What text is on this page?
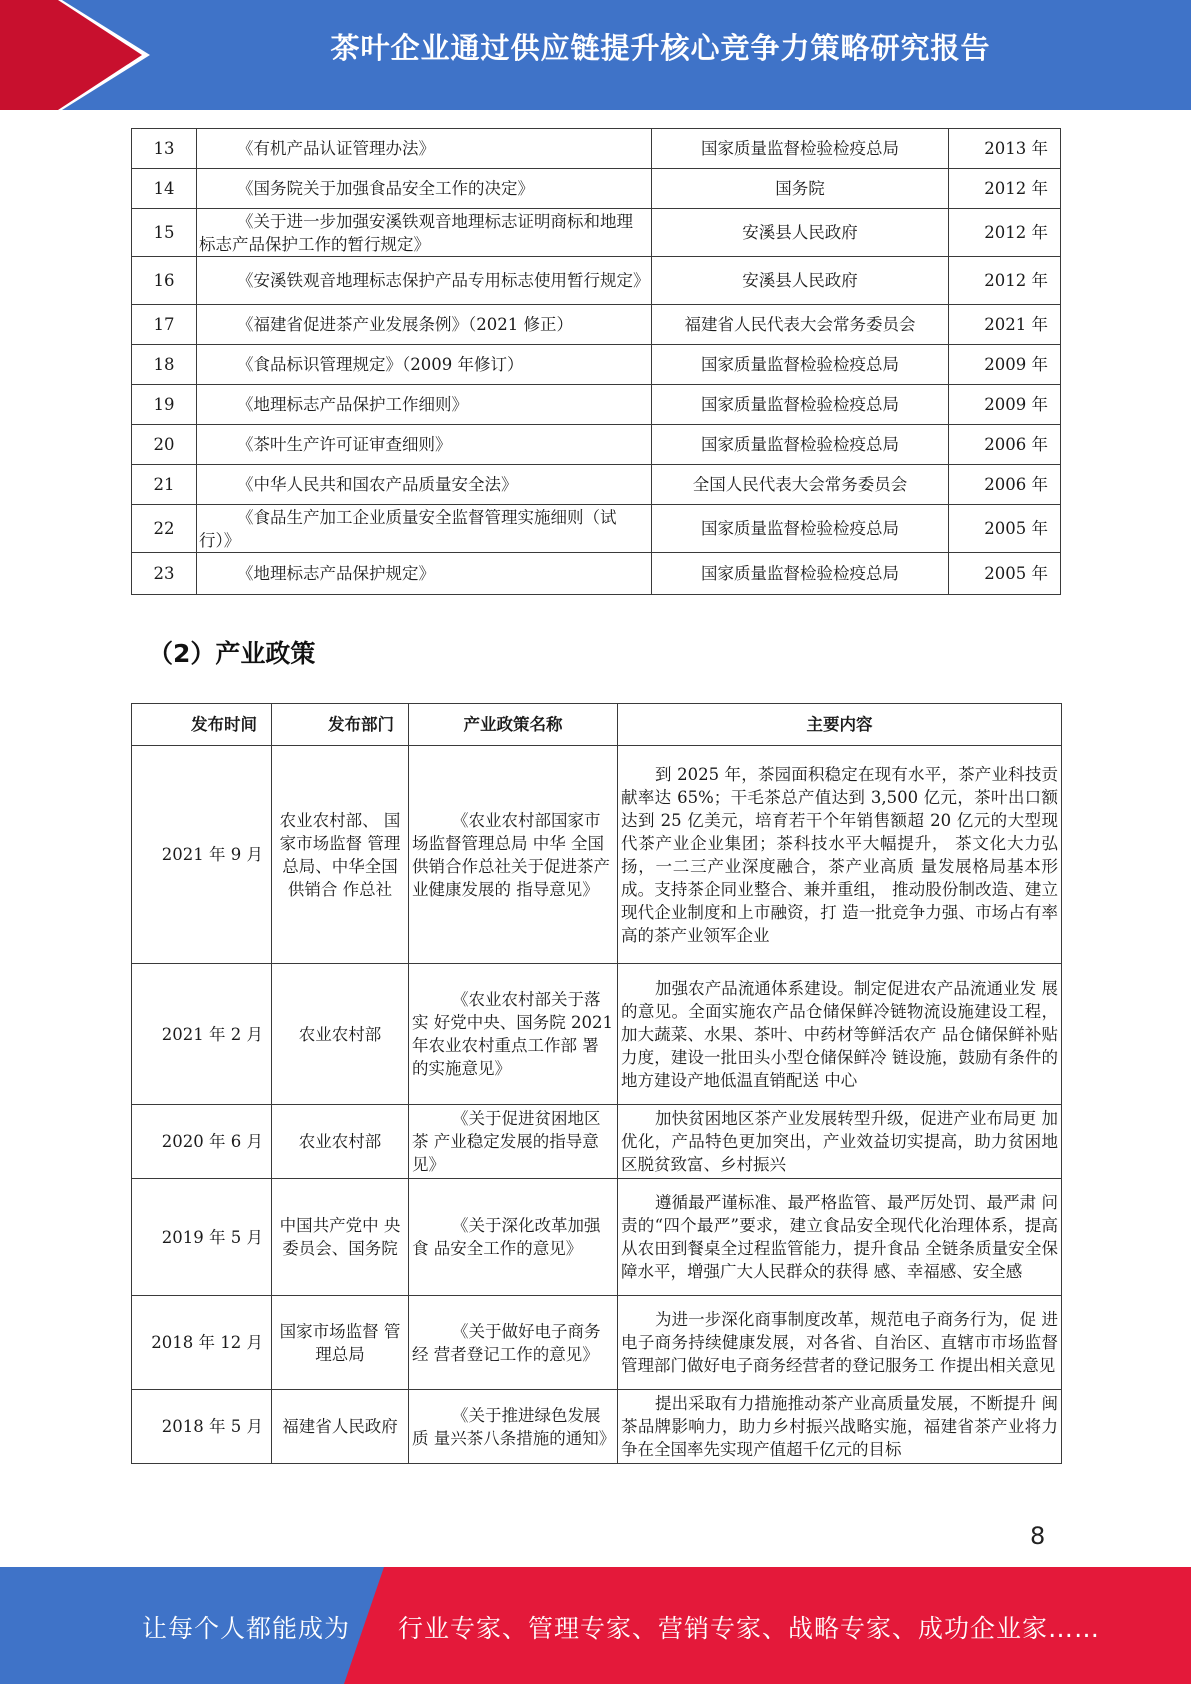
茶叶企业通过供应链提升核心竞争力策略研究报告
13	《有机产品认证管理办法》	国家质量监督检验检疫总局	2013 年
14	《国务院关于加强食品安全工作的决定》	国务院	2012 年
15	《关于进一步加强安溪铁观音地理标志证明商标和地理 标志产品保护工作的暂行规定》	安溪县人民政府	2012 年
16	《安溪铁观音地理标志保护产品专用标志使用暂行规定》	安溪县人民政府	2012 年
17	《福建省促进茶产业发展条例》（2021 修正）	福建省人民代表大会常务委员会	2021 年
18	《食品标识管理规定》（2009 年修订）	国家质量监督检验检疫总局	2009 年
19	《地理标志产品保护工作细则》	国家质量监督检验检疫总局	2009 年
20	《茶叶生产许可证审查细则》	国家质量监督检验检疫总局	2006 年
21	《中华人民共和国农产品质量安全法》	全国人民代表大会常务委员会	2006 年
22	《食品生产加工企业质量安全监督管理实施细则（试行）》	国家质量监督检验检疫总局	2005 年
23	《地理标志产品保护规定》	国家质量监督检验检疫总局	2005 年
（2）产业政策
发布时间	发布部门	产业政策名称	主要内容
2021 年 9 月	农业农村部、 国家市场监督 管理总局、中华全国供销合 作总社	《农业农村部国家市场监督管理总局 中华 全国供销合作总社关于促进茶产业健康发展的 指导意见》	到 2025 年，茶园面积稳定在现有水平，茶产业科技贡 献率达 65%；干毛茶总产值达到 3,500 亿元，茶叶出口额达到 25 亿美元，培育若干个年销售额超 20 亿元的大型现代茶产业企业集团；茶科技水平大幅提升， 茶文化大力弘扬，一二三产业深度融合，茶产业高质 量发展格局基本形成。支持茶企同业整合、兼并重组， 推动股份制改造、建立现代企业制度和上市融资，打 造一批竞争力强、市场占有率高的茶产业领军企业
2021 年 2 月	农业农村部	《农业农村部关于落实 好党中央、国务院 2021 年农业农村重点工作部 署的实施意见》	加强农产品流通体系建设。制定促进农产品流通业发 展的意见。全面实施农产品仓储保鲜冷链物流设施建设工程，加大蔬菜、水果、茶叶、中药材等鲜活农产 品仓储保鲜补贴力度，建设一批田头小型仓储保鲜冷 链设施，鼓励有条件的地方建设产地低温直销配送 中心
2020 年 6 月	农业农村部	《关于促进贫困地区茶 产业稳定发展的指导意 见》	加快贫困地区茶产业发展转型升级，促进产业布局更 加优化，产品特色更加突出，产业效益切实提高，助力贫困地区脱贫致富、乡村振兴
2019 年 5 月	中国共产党中 央委员会、国务院	《关于深化改革加强食 品安全工作的意见》	遵循最严谨标准、最严格监管、最严厉处罚、最严肃 问责的“四个最严”要求，建立食品安全现代化治理体系，提高从农田到餐桌全过程监管能力，提升食品 全链条质量安全保障水平，增强广大人民群众的获得 感、幸福感、安全感
2018 年 12 月	国家市场监督 管理总局	《关于做好电子商务经 营者登记工作的意见》	为进一步深化商事制度改革，规范电子商务行为，促 进电子商务持续健康发展，对各省、自治区、直辖市市场监督管理部门做好电子商务经营者的登记服务工 作提出相关意见
2018 年 5 月	福建省人民政府	《关于推进绿色发展质 量兴茶八条措施的通知》	提出采取有力措施推动茶产业高质量发展，不断提升 闽茶品牌影响力，助力乡村振兴战略实施，福建省茶产业将力争在全国率先实现产值超千亿元的目标
8
让每个人都能成为 行业专家、管理专家、营销专家、战略专家、成功企业家……
